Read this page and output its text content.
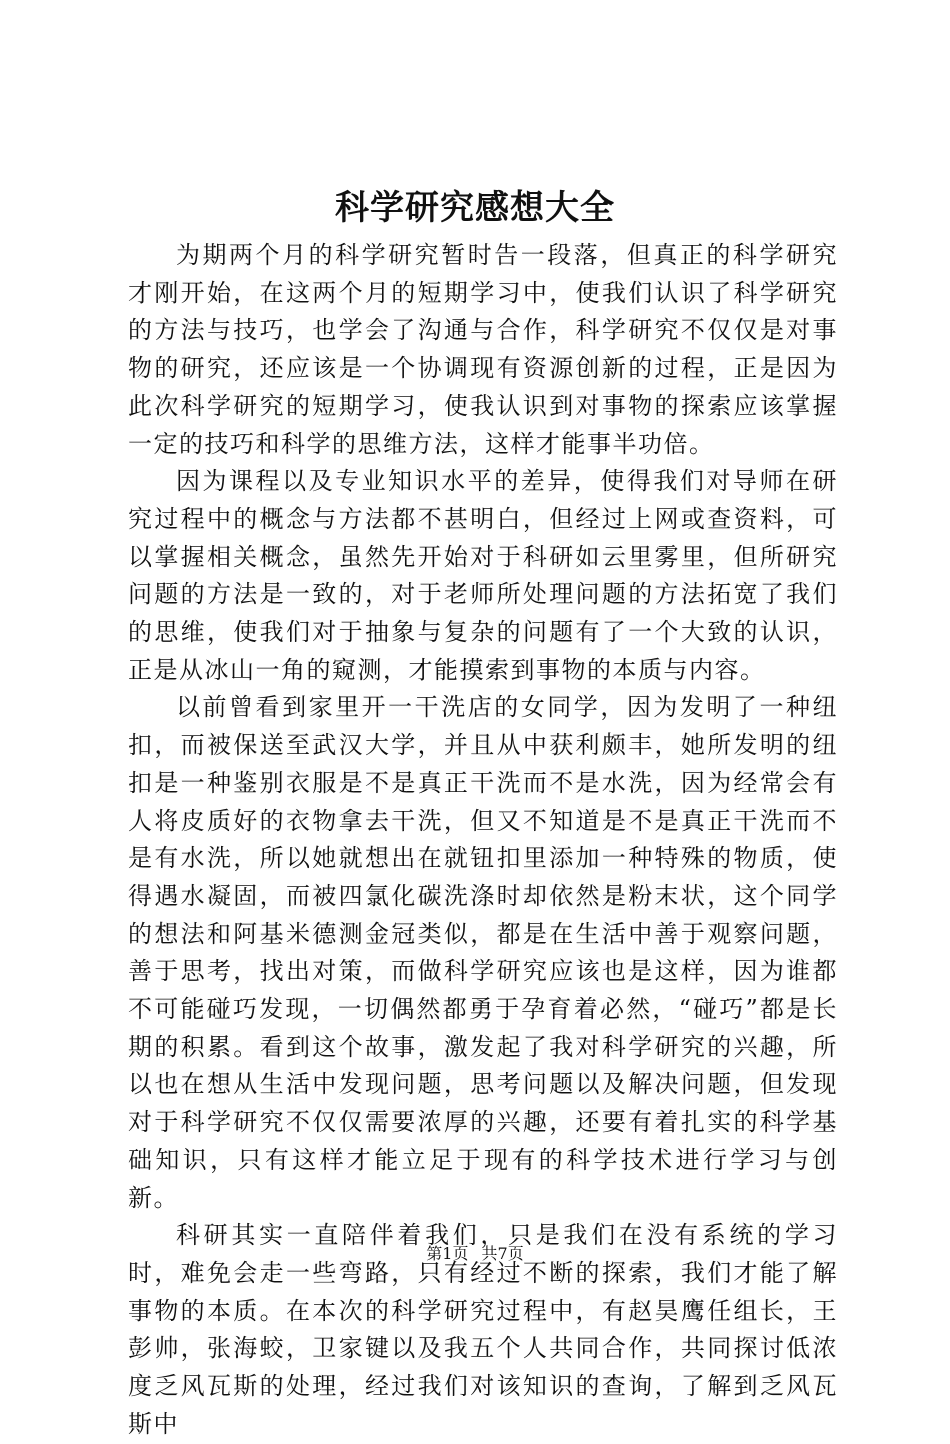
科学研究感想大全

为期两个月的科学研究暂时告一段落，但真正的科学研究才刚开始，在这两个月的短期学习中，使我们认识了科学研究的方法与技巧，也学会了沟通与合作，科学研究不仅仅是对事物的研究，还应该是一个协调现有资源创新的过程，正是因为此次科学研究的短期学习，使我认识到对事物的探索应该掌握一定的技巧和科学的思维方法，这样才能事半功倍。

因为课程以及专业知识水平的差异，使得我们对导师在研究过程中的概念与方法都不甚明白，但经过上网或查资料，可以掌握相关概念，虽然先开始对于科研如云里雾里，但所研究问题的方法是一致的，对于老师所处理问题的方法拓宽了我们的思维，使我们对于抽象与复杂的问题有了一个大致的认识，正是从冰山一角的窥测，才能摸索到事物的本质与内容。

以前曾看到家里开一干洗店的女同学，因为发明了一种纽扣，而被保送至武汉大学，并且从中获利颇丰，她所发明的纽扣是一种鉴别衣服是不是真正干洗而不是水洗，因为经常会有人将皮质好的衣物拿去干洗，但又不知道是不是真正干洗而不是有水洗，所以她就想出在就钮扣里添加一种特殊的物质，使得遇水凝固，而被四氯化碳洗涤时却依然是粉末状，这个同学的想法和阿基米德测金冠类似，都是在生活中善于观察问题，善于思考，找出对策，而做科学研究应该也是这样，因为谁都不可能碰巧发现，一切偶然都勇于孕育着必然，“碰巧”都是长期的积累。看到这个故事，激发起了我对科学研究的兴趣，所以也在想从生活中发现问题，思考问题以及解决问题，但发现对于科学研究不仅仅需要浓厚的兴趣，还要有着扎实的科学基础知识，只有这样才能立足于现有的科学技术进行学习与创新。

科研其实一直陪伴着我们，只是我们在没有系统的学习时，难免会走一些弯路，只有经过不断的探索，我们才能了解事物的本质。在本次的科学研究过程中，有赵昊鹰任组长，王彭帅，张海蛟，卫家键以及我五个人共同合作，共同探讨低浓度乏风瓦斯的处理，经过我们对该知识的查询，了解到乏风瓦斯中

第1页 共7页
